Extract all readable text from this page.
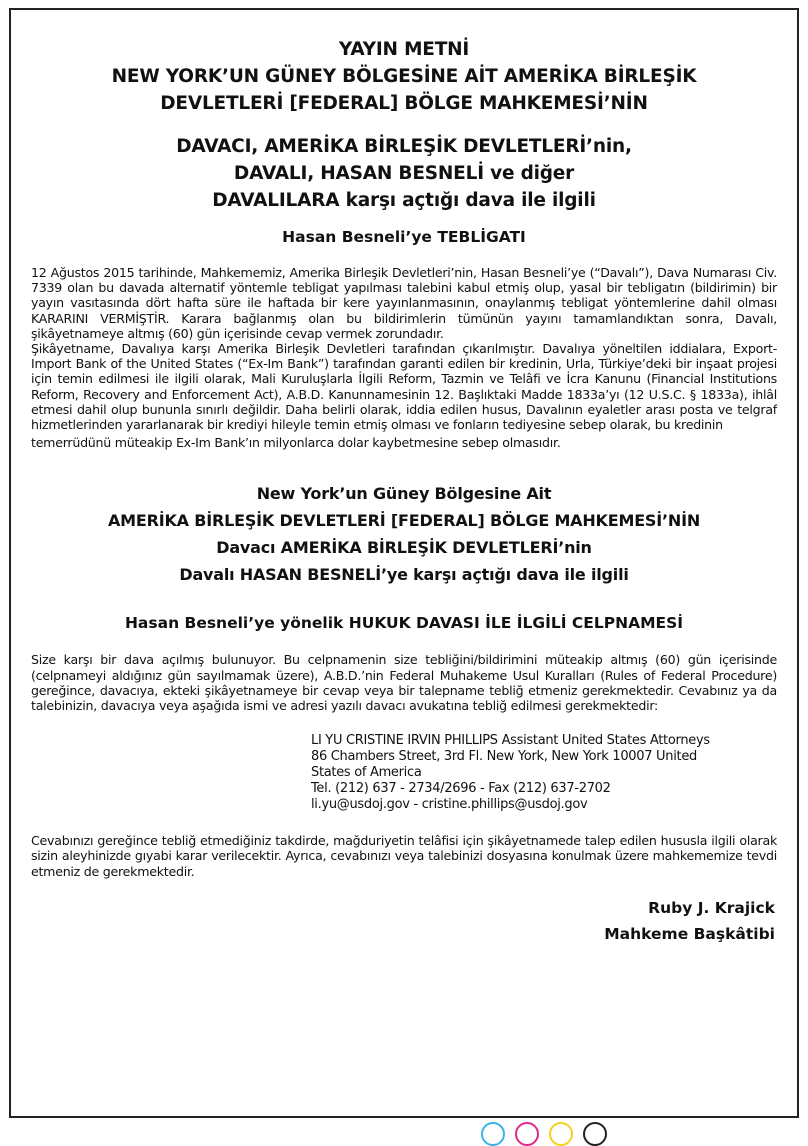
YAYIN METNİ
NEW YORK’UN GÜNEY BÖLGESİNE AİT AMERİKA BİRLEŞİK
DEVLETLERİ [FEDERAL] BÖLGE MAHKEMESİ’NİN
DAVACI, AMERİKA BİRLEŞİK DEVLETLERİ’nin,
DAVALI, HASAN BESNELİ ve diğer
DAVALILARA karşı açtığı dava ile ilgili
Hasan Besneli’ye TEBLİGATI

12 Ağustos 2015 tarihinde, Mahkememiz, Amerika Birleşik Devletleri’nin, Hasan Besneli’ye (“Davalı”), Dava Numarası Civ. 7339 olan bu davada alternatif yöntemle tebligat yapılması talebini kabul etmiş olup, yasal bir tebligatın (bildirimin) bir yayın vasıtasında dört hafta süre ile haftada bir kere yayınlanmasının, onaylanmış tebligat yöntemlerine dahil olması KARARINI VERMİŞTİR. Karara bağlanmış olan bu bildirimlerin tümünün yayını tamamlandıktan sonra, Davalı, şikâyetnameye altmış (60) gün içerisinde cevap vermek zorundadır.

Şikâyetname, Davalıya karşı Amerika Birleşik Devletleri tarafından çıkarılmıştır. Davalıya yöneltilen iddialara, Export-Import Bank of the United States (“Ex-Im Bank”) tarafından garanti edilen bir kredinin, Urla, Türkiye’deki bir inşaat projesi için temin edilmesi ile ilgili olarak, Mali Kuruluşlarla İlgili Reform, Tazmin ve Telâfi ve İcra Kanunu (Financial Institutions Reform, Recovery and Enforcement Act), A.B.D. Kanunnamesinin 12. Başlıktaki Madde 1833a’yı (12 U.S.C. § 1833a), ihlâl etmesi dahil olup bununla sınırlı değildir. Daha belirli olarak, iddia edilen husus, Davalının eyaletler arası posta ve telgraf hizmetlerinden yararlanarak bir krediyi hileyle temin etmiş olması ve fonların tediyesine sebep olarak, bu kredinin

temerrüdünü müteakip Ex-Im Bank’ın milyonlarca dolar kaybetmesine sebep olmasıdır.

New York’un Güney Bölgesine Ait
AMERİKA BİRLEŞİK DEVLETLERİ [FEDERAL] BÖLGE MAHKEMESİ’NİN
Davacı AMERİKA BİRLEŞİK DEVLETLERİ’nin
Davalı HASAN BESNELİ’ye karşı açtığı dava ile ilgili
Hasan Besneli’ye yönelik HUKUK DAVASI İLE İLGİLİ CELPNAMESİ

Size karşı bir dava açılmış bulunuyor. Bu celpnamenin size tebliğini/bildirimini müteakip altmış (60) gün içerisinde (celpnameyi aldığınız gün sayılmamak üzere), A.B.D.’nin Federal Muhakeme Usul Kuralları (Rules of Federal Procedure) gereğince, davacıya, ekteki şikâyetnameye bir cevap veya bir talepname tebliğ etmeniz gerekmektedir. Cevabınız ya da talebinizin, davacıya veya aşağıda ismi ve adresi yazılı davacı avukatına tebliğ edilmesi gerekmektedir:

LI YU CRISTINE IRVIN PHILLIPS Assistant United States Attorneys
86 Chambers Street, 3rd Fl. New York, New York 10007 United
States of America
Tel. (212) 637 - 2734/2696 - Fax (212) 637-2702
li.yu@usdoj.gov - cristine.phillips@usdoj.gov

Cevabınızı gereğince tebliğ etmediğiniz takdirde, mağduriyetin telâfisi için şikâyetnamede talep edilen hususla ilgili olarak sizin aleyhinizde gıyabi karar verilecektir. Ayrıca, cevabınızı veya talebinizi dosyasına konulmak üzere mahkememize tevdi etmeniz de gerekmektedir.

Ruby J. Krajick
Mahkeme Başkâtibi
